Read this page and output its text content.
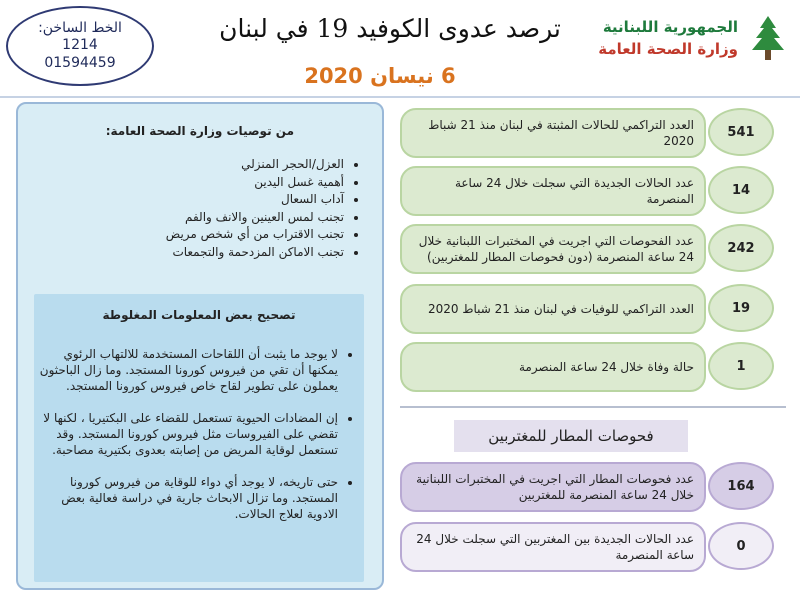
الخط الساخن:
1214
01594459
ترصد عدوى الكوفيد 19 في لبنان
6 نيسان 2020
الجمهورية اللبنانية
وزارة الصحة العامة
من توصيات وزارة الصحة العامة:
• العزل/الحجر المنزلي
• أهمية غسل اليدين
• آداب السعال
• تجنب لمس العينين والانف والفم
• تجنب الاقتراب من أي شخص مريض
• تجنب الاماكن المزدحمة والتجمعات
تصحيح بعض المعلومات المغلوطة
• لا يوجد ما يثبت أن اللقاحات المستخدمة للالتهاب الرئوي يمكنها أن تقي من فيروس كورونا المستجد. وما زال الباحثون يعملون على تطوير لقاح خاص فيروس كورونا المستجد.
• إن المضادات الحيوية تستعمل للقضاء على البكتيريا ، لكنها لا تقضي على الفيروسات مثل فيروس كورونا المستجد. وقد تستعمل لوقاية المريض من إصابته بعدوى بكتيرية مصاحبة.
• حتى تاريخه، لا يوجد أي دواء للوقاية من فيروس كورونا المستجد. وما تزال الابحاث جارية في دراسة فعالية بعض الادوية لعلاج الحالات.
العدد التراكمي للحالات المثبتة في لبنان منذ 21 شباط 2020
541
عدد الحالات الجديدة التي سجلت خلال 24 ساعة المنصرمة
14
عدد الفحوصات التي اجريت في المختبرات اللبنانية خلال 24 ساعة المنصرمة (دون فحوصات المطار للمغتربين)
242
العدد التراكمي للوفيات في لبنان منذ 21 شباط 2020	19
حالة وفاة خلال 24 ساعة المنصرمة	1
فحوصات المطار للمغتربين
عدد فحوصات المطار التي اجريت في المختبرات اللبنانية خلال 24 ساعة المنصرمة للمغتربين
164
عدد الحالات الجديدة بين المغتربين التي سجلت خلال 24 ساعة المنصرمة
0
